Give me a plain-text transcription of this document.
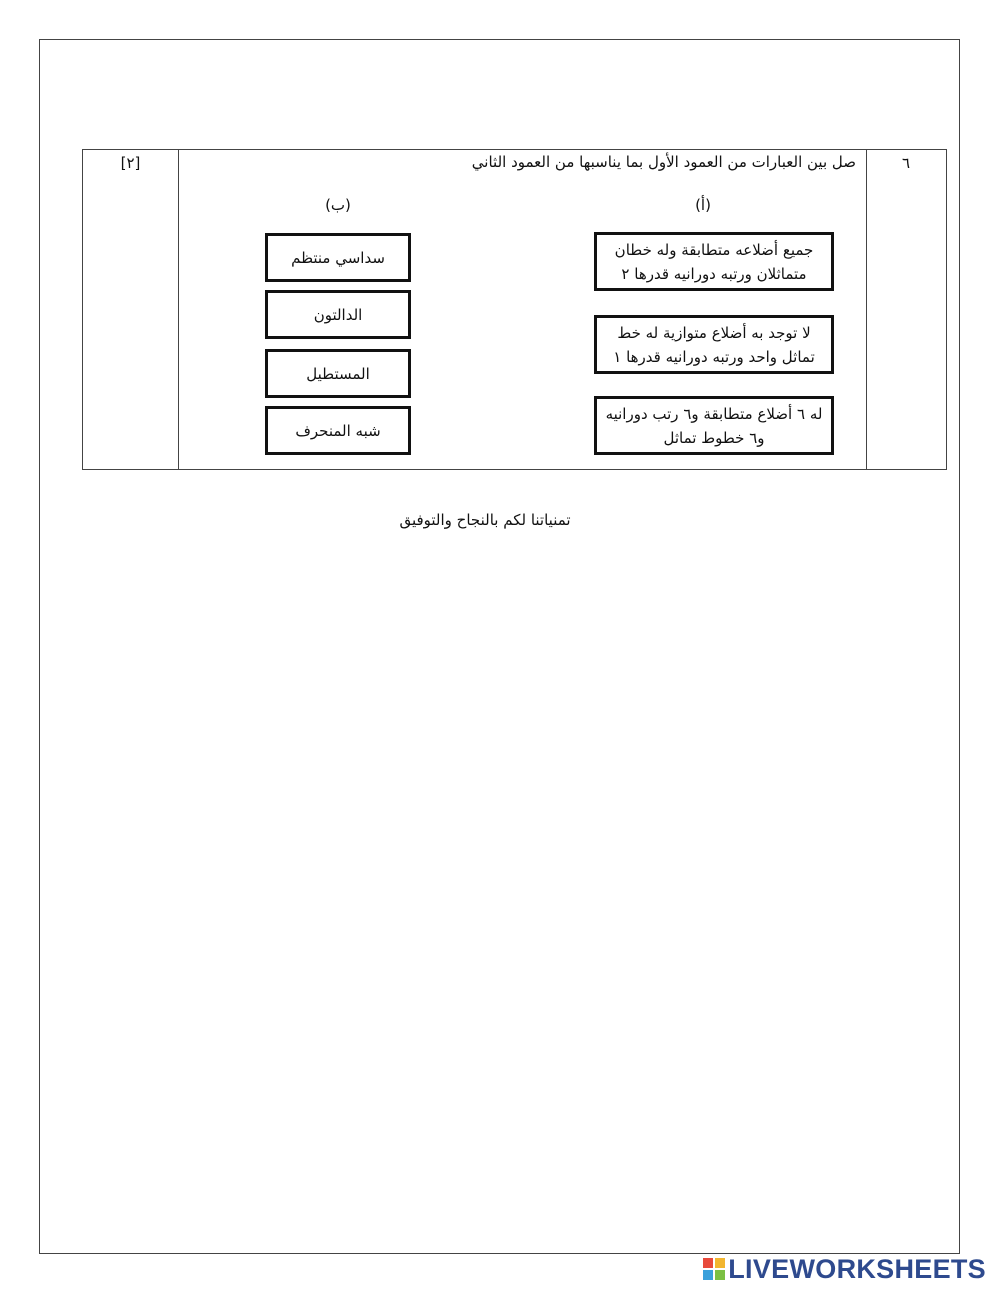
[٢]	٦
صل بين العبارات من العمود الأول بما يناسبها من العمود الثاني
(ب)	(أ)
جميع أضلاعه متطابقة وله خطان متماثلان ورتبه دورانيه قدرها ٢
لا توجد به أضلاع متوازية له خط تماثل واحد ورتبه دورانيه قدرها ١
له ٦ أضلاع متطابقة و٦ رتب دورانيه و٦ خطوط تماثل
سداسي منتظم
الدالتون
المستطيل
شبه المنحرف
تمنياتنا لكم بالنجاح والتوفيق
LIVEWORKSHEETS
